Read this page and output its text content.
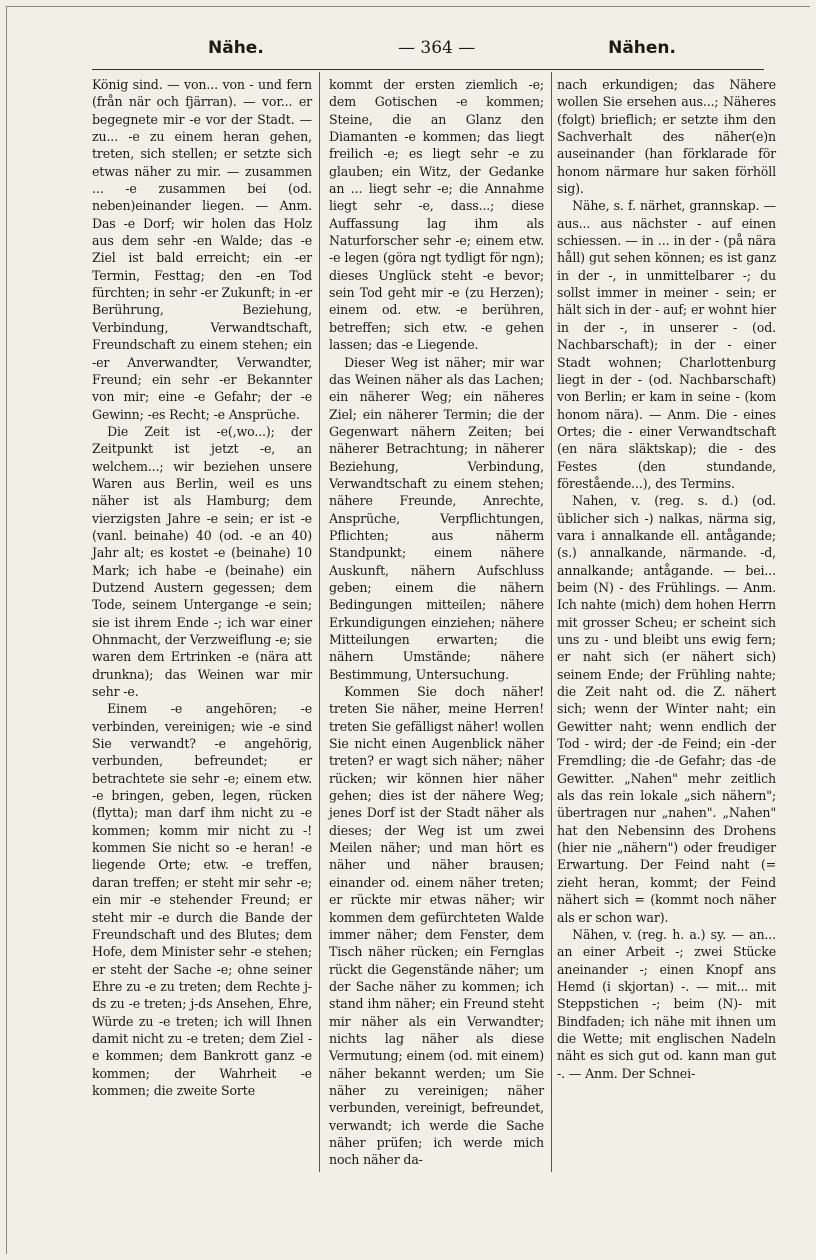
Nähe.	— 364 —	Nähen.

König sind. — von... von - und fern (från när och fjärran). — vor... er begegnete mir -e vor der Stadt. — zu... -e zu einem heran gehen, treten, sich stellen; er setzte sich etwas näher zu mir. — zusammen ... -e zusammen bei (od. neben)einander liegen. — Anm. Das -e Dorf; wir holen das Holz aus dem sehr -en Walde; das -e Ziel ist bald erreicht; ein -er Termin, Festtag; den -en Tod fürchten; in sehr -er Zukunft; in -er Berührung, Beziehung, Verbindung, Verwandtschaft, Freundschaft zu einem stehen; ein -er Anverwandter, Verwandter, Freund; ein sehr -er Bekannter von mir; eine -e Gefahr; der -e Gewinn; -es Recht; -e Ansprüche.

Die Zeit ist -e(,wo...); der Zeitpunkt ist jetzt -e, an welchem...; wir beziehen unsere Waren aus Berlin, weil es uns näher ist als Hamburg; dem vierzigsten Jahre -e sein; er ist -e (vanl. beinahe) 40 (od. -e an 40) Jahr alt; es kostet -e (beinahe) 10 Mark; ich habe -e (beinahe) ein Dutzend Austern gegessen; dem Tode, seinem Untergange -e sein; sie ist ihrem Ende -; ich war einer Ohnmacht, der Verzweiflung -e; sie waren dem Ertrinken -e (nära att drunkna); das Weinen war mir sehr -e.

Einem -e angehören; -e verbinden, vereinigen; wie -e sind Sie verwandt? -e angehörig, verbunden, befreundet; er betrachtete sie sehr -e; einem etw. -e bringen, geben, legen, rücken (flytta); man darf ihm nicht zu -e kommen; komm mir nicht zu -! kommen Sie nicht so -e heran! -e liegende Orte; etw. -e treffen, daran treffen; er steht mir sehr -e; ein mir -e stehender Freund; er steht mir -e durch die Bande der Freundschaft und des Blutes; dem Hofe, dem Minister sehr -e stehen; er steht der Sache -e; ohne seiner Ehre zu -e zu treten; dem Rechte j-ds zu -e treten; j-ds Ansehen, Ehre, Würde zu -e treten; ich will Ihnen damit nicht zu -e treten; dem Ziel -e kommen; dem Bankrott ganz -e kommen; der Wahrheit -e kommen; die zweite Sorte

kommt der ersten ziemlich -e; dem Gotischen -e kommen; Steine, die an Glanz den Diamanten -e kommen; das liegt freilich -e; es liegt sehr -e zu glauben; ein Witz, der Gedanke an ... liegt sehr -e; die Annahme liegt sehr -e, dass...; diese Auffassung lag ihm als Naturforscher sehr -e; einem etw. -e legen (göra ngt tydligt för ngn); dieses Unglück steht -e bevor; sein Tod geht mir -e (zu Herzen); einem od. etw. -e berühren, betreffen; sich etw. -e gehen lassen; das -e Liegende.

Dieser Weg ist näher; mir war das Weinen näher als das Lachen; ein näherer Weg; ein näheres Ziel; ein näherer Termin; die der Gegenwart nähern Zeiten; bei näherer Betrachtung; in näherer Beziehung, Verbindung, Verwandtschaft zu einem stehen; nähere Freunde, Anrechte, Ansprüche, Verpflichtungen, Pflichten; aus näherm Standpunkt; einem nähere Auskunft, nähern Aufschluss geben; einem die nähern Bedingungen mitteilen; nähere Erkundigungen einziehen; nähere Mitteilungen erwarten; die nähern Umstände; nähere Bestimmung, Untersuchung.

Kommen Sie doch näher! treten Sie näher, meine Herren! treten Sie gefälligst näher! wollen Sie nicht einen Augenblick näher treten? er wagt sich näher; näher rücken; wir können hier näher gehen; dies ist der nähere Weg; jenes Dorf ist der Stadt näher als dieses; der Weg ist um zwei Meilen näher; und man hört es näher und näher brausen; einander od. einem näher treten; er rückte mir etwas näher; wir kommen dem gefürchteten Walde immer näher; dem Fenster, dem Tisch näher rücken; ein Fernglas rückt die Gegenstände näher; um der Sache näher zu kommen; ich stand ihm näher; ein Freund steht mir näher als ein Verwandter; nichts lag näher als diese Vermutung; einem (od. mit einem) näher bekannt werden; um Sie näher zu vereinigen; näher verbunden, vereinigt, befreundet, verwandt; ich werde die Sache näher prüfen; ich werde mich noch näher da-

nach erkundigen; das Nähere wollen Sie ersehen aus...; Näheres (folgt) brieflich; er setzte ihm den Sachverhalt des näher(e)n auseinander (han förklarade för honom närmare hur saken förhöll sig).

Nähe, s. f. närhet, grannskap. — aus... aus nächster - auf einen schiessen. — in ... in der - (på nära håll) gut sehen können; es ist ganz in der -, in unmittelbarer -; du sollst immer in meiner - sein; er hält sich in der - auf; er wohnt hier in der -, in unserer - (od. Nachbarschaft); in der - einer Stadt wohnen; Charlottenburg liegt in der - (od. Nachbarschaft) von Berlin; er kam in seine - (kom honom nära). — Anm. Die - eines Ortes; die - einer Verwandtschaft (en nära släktskap); die - des Festes (den stundande, förestående...), des Termins.

Nahen, v. (reg. s. d.) (od. üblicher sich -) nalkas, närma sig, vara i annalkande ell. antågande; (s.) annalkande, närmande. -d, annalkande; antågande. — bei... beim (N) - des Frühlings. — Anm. Ich nahte (mich) dem hohen Herrn mit grosser Scheu; er scheint sich uns zu - und bleibt uns ewig fern; er naht sich (er nähert sich) seinem Ende; der Frühling nahte; die Zeit naht od. die Z. nähert sich; wenn der Winter naht; ein Gewitter naht; wenn endlich der Tod - wird; der -de Feind; ein -der Fremdling; die -de Gefahr; das -de Gewitter. „Nahen" mehr zeitlich als das rein lokale „sich nähern"; übertragen nur „nahen". „Nahen" hat den Nebensinn des Drohens (hier nie „nähern") oder freudiger Erwartung. Der Feind naht (= zieht heran, kommt; der Feind nähert sich = (kommt noch näher als er schon war).

Nähen, v. (reg. h. a.) sy. — an... an einer Arbeit -; zwei Stücke aneinander -; einen Knopf ans Hemd (i skjortan) -. — mit... mit Steppstichen -; beim (N)- mit Bindfaden; ich nähe mit ihnen um die Wette; mit englischen Nadeln näht es sich gut od. kann man gut -. — Anm. Der Schnei-
